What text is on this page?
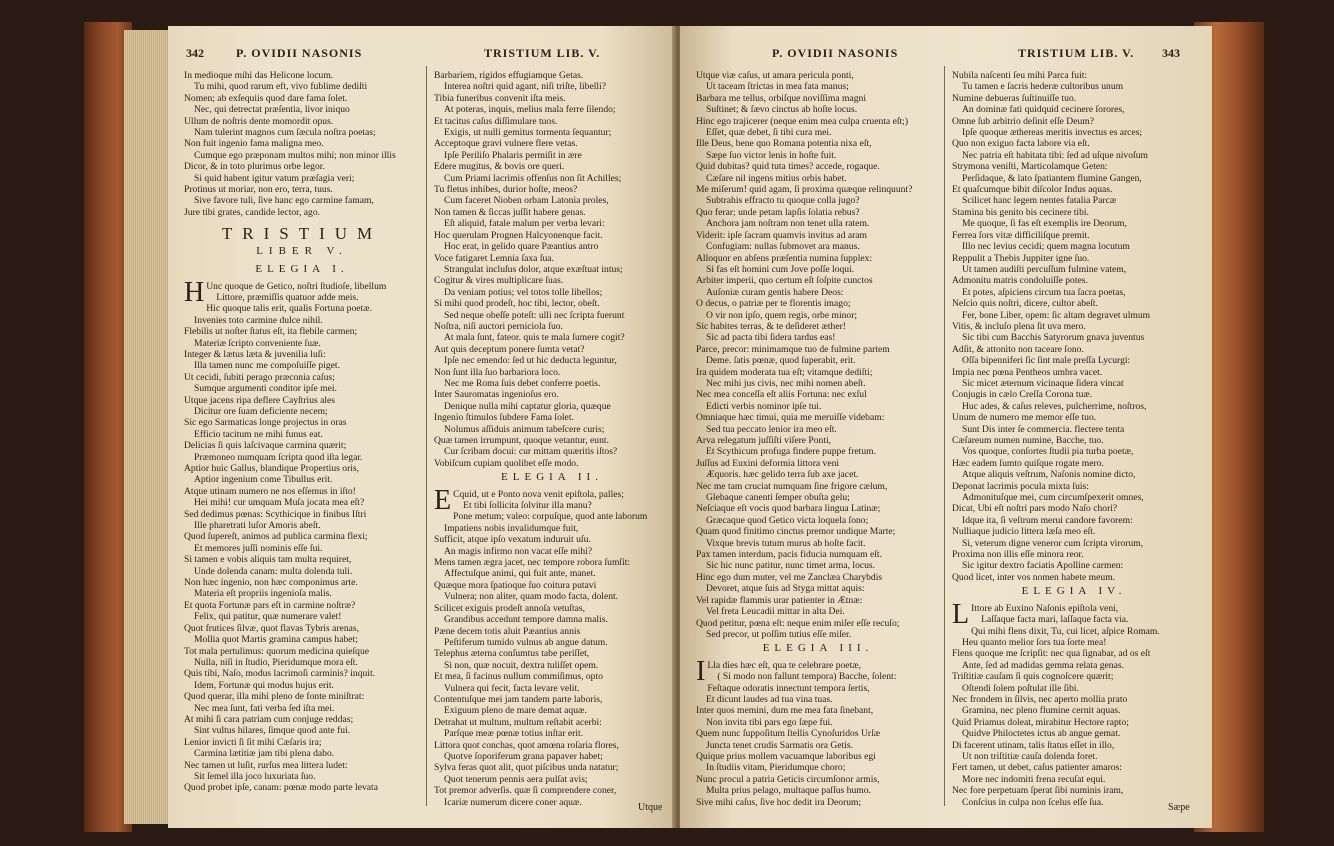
342	P. OVIDII NASONIS	TRISTIUM LIB. V.
In medioque mihi das Helicone locum.
Tu mihi, quod rarum eft, vivo fublime dediſti
Nomen; ab exſequiis quod dare fama ſolet.
Nec, qui detrectat præſentia, livor iniquo
Ullum de noſtris dente momordit opus.
Nam tulerint magnos cum ſæcula noſtra poetas;
Non fuit ingenio fama maligna meo.
Cumque ego præponam multos mihi; non minor illis
Dicor, & in toto plurimus orbe legor.
Si quid habent igitur vatum præſagia veri;
Protinus ut moriar, non ero, terra, tuus.
Sive favore tuli, ſive hanc ego carmine famam,
Jure tibi grates, candide lector, ago.
TRISTIUM
LIBER V.
ELEGIA I.
H Unc quoque de Getico, noſtri ſtudioſe, libellum
Littore, præmiſſis quatuor adde meis.
Hic quoque talis erit, qualis Fortuna poetæ.
Invenies toto carmine dulce nihil.
Flebilis ut noſter ſtatus eſt, ita flebile carmen;
Materiæ ſcripto conveniente ſuæ.
Integer & lætus læta & juvenilia luſi:
Illa tamen nunc me compoſuiſſe piget.
Ut cecidi, ſubiti perago præconia caſus;
Sumque argumenti conditor ipſe mei.
Utque jacens ripa deflere Cayſtrius ales
Dicitur ore ſuam deficiente necem;
Sic ego Sarmaticas longe projectus in oras
Efficio tacitum ne mihi funus eat.
Delicias ſi quis laſcivaque carmina quærit;
Præmoneo numquam ſcripta quod iſta legar.
Aptior huic Gallus, blandique Propertius oris,
Aptior ingenium come Tibullus erit.
Atque utinam numero ne nos eſſemus in iſto!
Hei mihi! cur umquam Muſa jocata mea eſt?
Sed dedimus pœnas: Scythicique in finibus Iſtri
Ille pharetrati luſor Amoris abeſt.
Quod ſupereſt, animos ad publica carmina flexi;
Et memores juſſi nominis eſſe ſui.
Si tamen e vobis aliquis tam multa requiret,
Unde dolenda canam: multa dolenda tuli.
Non hæc ingenio, non hæc componimus arte.
Materia eſt propriis ingenioſa malis.
Et quota Fortunæ pars eſt in carmine noſtræ?
Felix, qui patitur, quæ numerare valet!
Quot frutices ſilvæ, quot flavas Tybris arenas,
Mollia quot Martis gramina campus habet;
Tot mala pertulimus: quorum medicina quieſque
Nulla, niſi in ſtudio, Pieridumque mora eſt.
Quis tibi, Naſo, modus lacrimoſi carminis? inquit.
Idem, Fortunæ qui modus hujus erit.
Quod querar, illa mihi pleno de fonte miniſtrat:
Nec mea ſunt, fati verba ſed iſta mei.
At mihi ſi cara patriam cum conjuge reddas;
Sint vultus hilares, ſimque quod ante fui.
Lenior invicti ſi ſit mihi Cæſaris ira;
Carmina lætitiæ jam tibi plena dabo.
Nec tamen ut luſit, rurſus mea littera ludet:
Sit ſemel illa joco luxuriata ſuo.
Quod probet ipſe, canam: pœnæ modo parte levata
Barbariem, rigidos effugiamque Getas.
Interea noſtri quid agant, niſi triſte, libelli?
Tibia funeribus convenit iſta meis.
At poteras, inquis, melius mala ferre ſilendo;
Et tacitus caſus diſſimulare tuos.
Exigis, ut nulli gemitus tormenta ſequantur;
Acceptoque gravi vulnere flere vetas.
Ipſe Periliſo Phalaris permiſit in ære
Edere mugitus, & bovis ore queri.
Cum Priami lacrimis offenſus non ſit Achilles;
Tu fletus inhibes, durior hoſte, meos?
Cum faceret Nioben orbam Latonia proles,
Non tamen & ſiccas juſſit habere genas.
Eſt aliquid, fatale malum per verba levari:
Hoc querulam Prognen Halcyonenque facit.
Hoc erat, in gelido quare Pæantius antro
Voce fatigaret Lemnia ſaxa ſua.
Strangulat incluſus dolor, atque exæſtuat intus;
Cogitur & vires multiplicare ſuas.
Da veniam potius; vel totos tolle libellos;
Si mihi quod prodeſt, hoc tibi, lector, obeſt.
Sed neque obeſſe poteſt: ulli nec ſcripta fuerunt
Noſtra, niſi auctori perniciola ſuo.
At mala ſunt, fateor. quis te mala ſumere cogit?
Aut quis deceptum ponere ſumta vetat?
Ipſe nec emendo: ſed ut hic deducta leguntur,
Non ſunt illa ſuo barbariora loco.
Nec me Roma ſuis debet conferre poetis.
Inter Sauromatas ingenioſus ero.
Denique nulla mihi captatur gloria, quæque
Ingenio ſtimulos ſubdere Fama ſolet.
Nolumus aſſiduis animum tabeſcere curis;
Quæ tamen irrumpunt, quoque vetantur, eunt.
Cur ſcribam docui: cur mittam quæritis iſtos?
Vobiſcum cupiam quolibet eſſe modo.
ELEGIA II.
E Cquid, ut e Ponto nova venit epiſtola, palles;
Et tibi ſollicita ſolvitur illa manu?
Pone metum; valeo: corpuſque, quod ante laborum
Impatiens nobis invalidumque fuit,
Sufficit, atque ipſo vexatum induruit uſu.
An magis infirmo non vacat eſſe mihi?
Mens tamen ægra jacet, nec tempore robora ſumſit:
Affectuſque animi, qui fuit ante, manet.
Quæque mora ſpatioque ſuo coitura putavi
Vulnera; non aliter, quam modo facta, dolent.
Scilicet exiguis prodeſt annoſa vetuſtas,
Grandibus accedunt tempore damna malis.
Pæne decem totis aluit Pæantius annis
Peſtiferum tumido vulnus ab angue datum.
Telephus æterna conſumtus tabe periſſet,
Si non, quæ nocuit, dextra tuliſſet opem.
Et mea, ſi facinus nullum commiſimus, opto
Vulnera qui fecit, facta levare velit.
Contentuſque mei jam tandem parte laboris,
Exiguum pleno de mare demat aquæ.
Detrahat ut multum, multum reſtabit acerbi:
Parſque meæ pœnæ totius inſtar erit.
Littora quot conchas, quot amœna roſaria flores,
Quotve ſoporiferum grana papaver habet;
Sylva feras quot alit, quot piſcibus unda natatur;
Quot tenerum pennis aera pulſat avis;
Tot premor adverſis. quæ ſi comprendere coner,
Icariæ numerum dicere coner aquæ.	Utque
P. OVIDII NASONIS	TRISTIUM LIB. V. 343
Utque viæ caſus, ut amara pericula ponti,
Ut taceam ſtrictas in mea fata manus;
Barbara me tellus, orbiſque noviſſima magni
Suſtinet; & ſævo cinctus ab hoſte locus.
Hinc ego trajicerer (neque enim mea culpa cruenta eſt;)
Eſſet, quæ debet, ſi tibi cura mei.
Ille Deus, bene quo Romana potentia nixa eſt,
Sæpe ſuo victor lenis in hoſte fuit.
Quid dubitas? quid tuta times? accede, rogaque.
Cæſare nil ingens mitius orbis habet.
Me miſerum! quid agam, ſi proxima quæque relinquunt?
Subtrahis effracto tu quoque colla jugo?
Quo ferar; unde petam lapſis ſolatia rebus?
Anchora jam noſtram non tenet ulla ratem.
Viderit: ipſe ſacram quamvis invitus ad aram
Confugiam: nullas ſubmovet ara manus.
Alloquor en abſens præſentia numina ſupplex:
Si fas eſt homini cum Jove poſſe loqui.
Arbiter imperii, quo certum eſt ſoſpite cunctos
Auſoniæ curam gentis habere Deos:
O decus, o patriæ per te florentis imago;
O vir non ipſo, quem regis, orbe minor;
Sic habites terras, & te deſideret æther!
Sic ad pacta tibi ſidera tardus eas!
Parce, precor: minimamque tuo de fulmine partem
Deme. ſatis pœnæ, quod ſuperabit, erit.
Ira quidem moderata tua eſt; vitamque dediſti;
Nec mihi jus civis, nec mihi nomen abeſt.
Nec mea conceſſa eſt aliis Fortuna: nec exſul
Edicti verbis nominor ipſe tui.
Omniaque hæc timui, quia me meruiſſe videbam:
Sed tua peccato lenior ira meo eſt.
Arva relegatum juſſiſti viſere Ponti,
Et Scythicum profuga findere puppe fretum.
Juſſus ad Euxini deformia littora veni
Æquoris. hæc gelido terra ſub axe jacet.
Nec me tam cruciat numquam ſine frigore cælum,
Glebaque canenti ſemper obuſta gelu;
Neſciaque eſt vocis quod barbara lingua Latinæ;
Græcaque quod Getico victa loquela ſono;
Quam quod finitimo cinctus premor undique Marte;
Vixque brevis tutum murus ab hoſte facit.
Pax tamen interdum, pacis fiducia numquam eſt.
Sic hic nunc patitur, nunc timet arma, locus.
Hinc ego dum muter, vel me Zanclæa Charybdis
Devoret, atque ſuis ad Styga mittat aquis:
Vel rapidæ flammis urar patienter in Ætnæ:
Vel freta Leucadii mittar in alta Dei.
Quod petitur, pœna eſt: neque enim miſer eſſe recuſo;
Sed precor, ut poſſim tutius eſſe miſer.
ELEGIA III.
I Lla dies hæc eſt, qua te celebrare poetæ,
( Si modo non fallunt tempora) Bacche, ſolent:
Feſtaque odoratis innectunt tempora ſertis,
Et dicunt laudes ad tua vina tuas.
Inter quos memini, dum me mea fata ſinebant,
Non invita tibi pars ego ſæpe fui.
Quem nunc ſuppoſitum ſtellis Cynoſuridos Urſæ
Juncta tenet crudis Sarmatis ora Getis.
Quique prius mollem vacuamque laboribus egi
In ſtudiis vitam, Pieridumque choro;
Nunc procul a patria Geticis circumſonor armis,
Multa prius pelago, multaque paſſus humo.
Sive mihi caſus, ſive hoc dedit ira Deorum;
Nubila naſcenti ſeu mihi Parca fuit:
Tu tamen e ſacris hederæ cultoribus unum
Numine debueras ſuſtinuiſſe tuo.
An dominæ fati quidquid cecinere ſorores,
Omne ſub arbitrio deſinit eſſe Deum?
Ipſe quoque æthereas meritis invectus es arces;
Quo non exiguo facta labore via eſt.
Nec patria eſt habitata tibi: ſed ad uſque nivoſum
Strymona veniſti, Marticolamque Geten:
Perſidaque, & lato ſpatiantem flumine Gangen,
Et quaſcumque bibit diſcolor Indus aquas.
Scilicet hanc legem nentes fatalia Parcæ
Stamina bis genito bis cecinere tibi.
Me quoque, ſi fas eſt exemplis ire Deorum,
Ferrea ſors vitæ difficiliſque premit.
Illo nec levius cecidi; quem magna locutum
Reppulit a Thebis Juppiter igne ſuo.
Ut tamen audiſti percuſſum fulmine vatem,
Admonitu matris condoluiſſe potes.
Et potes, aſpiciens circum tua ſacra poetas,
Neſcio quis noſtri, dicere, cultor abeſt.
Fer, bone Liber, opem: ſic altam degravet ulmum
Vitis, & incluſo plena ſit uva mero.
Sic tibi cum Bacchis Satyrorum gnava juventus
Adſit, & attonito non taceare ſono.
Oſſa bipenniferi ſic ſint male preſſa Lycurgi:
Impia nec pœna Pentheos umbra vacet.
Sic micet æternum vicinaque ſidera vincat
Conjugis in cælo Creſſa Corona tuæ.
Huc ades, & caſus releves, pulcherrime, noſtros,
Unum de numero me memor eſſe tuo.
Sunt Dis inter ſe commercia. flectere tenta
Cæſareum numen numine, Bacche, tuo.
Vos quoque, conſortes ſtudii pia turba poetæ,
Hæc eadem ſumto quiſque rogate mero.
Atque aliquis veſtrum, Naſonis nomine dicto,
Deponat lacrimis pocula mixta ſuis:
Admonituſque mei, cum circumſpexerit omnes,
Dicat, Ubi eſt noſtri pars modo Naſo chori?
Idque ita, ſi veſtrum merui candore favorem:
Nulliaque judicio littera læſa meo eſt.
Si, veterum digne veneror cum ſcripta virorum,
Proxima non illis eſſe minora reor.
Sic igitur dextro faciatis Apolline carmen:
Quod licet, inter vos nomen habete meum.
ELEGIA IV.
L Ittore ab Euxino Naſonis epiſtola veni,
Laſſaque facta mari, laſſaque facta via.
Qui mihi flens dixit, Tu, cui licet, aſpice Romam.
Heu quanto melior ſors tua ſorte mea!
Flens quoque me ſcripſit: nec qua ſignabar, ad os eſt
Ante, ſed ad madidas gemma relata genas.
Triſtitiæ cauſam ſi quis cognoſcere quærit;
Oſtendi ſolem poſtulat ille ſibi.
Nec frondem in ſilvis, nec aperto mollia prato
Gramina, nec pleno flumine cernit aquas.
Quid Priamus doleat, mirabitur Hectore rapto;
Quidve Philoctetes ictus ab angue gemat.
Di facerent utinam, talis ſtatus eſſet in illo,
Ut non triſtitiæ cauſa dolenda foret.
Fert tamen, ut debet, caſus patienter amaros:
More nec indomiti frena recuſat equi.
Nec fore perpetuam ſperat ſibi numinis iram,
Conſcius in culpa non ſcelus eſſe ſua.	Sæpe
